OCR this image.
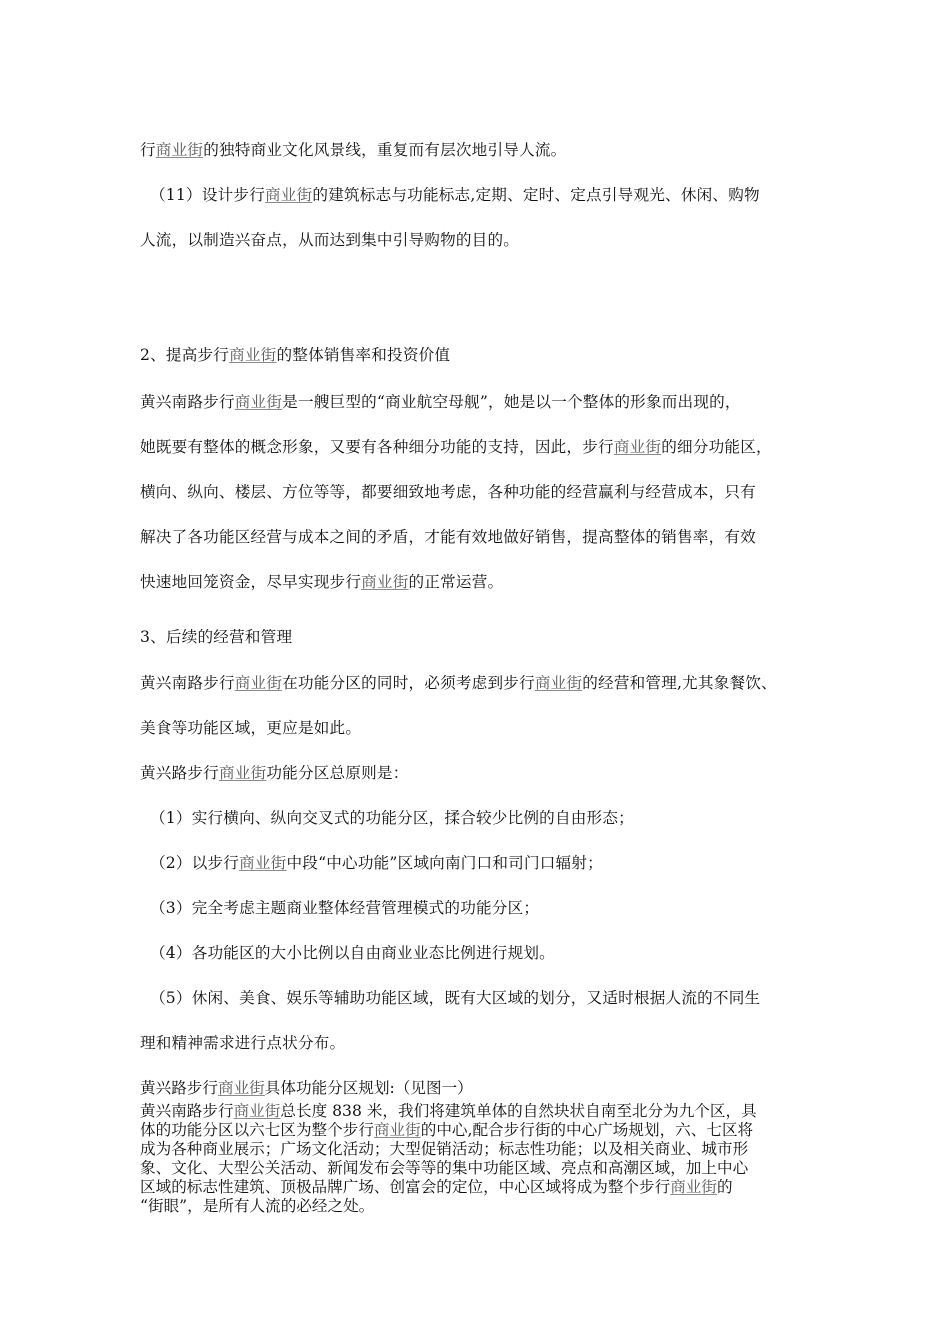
行商业街的独特商业文化风景线，重复而有层次地引导人流。

（11）设计步行商业街的建筑标志与功能标志,定期、定时、定点引导观光、休闲、购物

人流，以制造兴奋点，从而达到集中引导购物的目的。

2、提高步行商业街的整体销售率和投资价值

黄兴南路步行商业街是一艘巨型的“商业航空母舰”，她是以一个整体的形象而出现的，

她既要有整体的概念形象，又要有各种细分功能的支持，因此，步行商业街的细分功能区，

横向、纵向、楼层、方位等等，都要细致地考虑，各种功能的经营赢利与经营成本，只有

解决了各功能区经营与成本之间的矛盾，才能有效地做好销售，提高整体的销售率，有效

快速地回笼资金，尽早实现步行商业街的正常运营。

3、后续的经营和管理

黄兴南路步行商业街在功能分区的同时，必须考虑到步行商业街的经营和管理,尤其象餐饮、

美食等功能区域，更应是如此。

黄兴路步行商业街功能分区总原则是：

（1）实行横向、纵向交叉式的功能分区，揉合较少比例的自由形态；

（2）以步行商业街中段“中心功能”区域向南门口和司门口辐射；

（3）完全考虑主题商业整体经营管理模式的功能分区；

（4）各功能区的大小比例以自由商业业态比例进行规划。

（5）休闲、美食、娱乐等辅助功能区域，既有大区域的划分，又适时根据人流的不同生

理和精神需求进行点状分布。

黄兴路步行商业街具体功能分区规划:（见图一）

黄兴南路步行商业街总长度 838 米，我们将建筑单体的自然块状自南至北分为九个区，具

体的功能分区以六七区为整个步行商业街的中心,配合步行街的中心广场规划，六、七区将

成为各种商业展示；广场文化活动；大型促销活动；标志性功能；以及相关商业、城市形

象、文化、大型公关活动、新闻发布会等等的集中功能区域、亮点和高潮区域，加上中心

区域的标志性建筑、顶极品牌广场、创富会的定位，中心区域将成为整个步行商业街的

“街眼”，是所有人流的必经之处。
